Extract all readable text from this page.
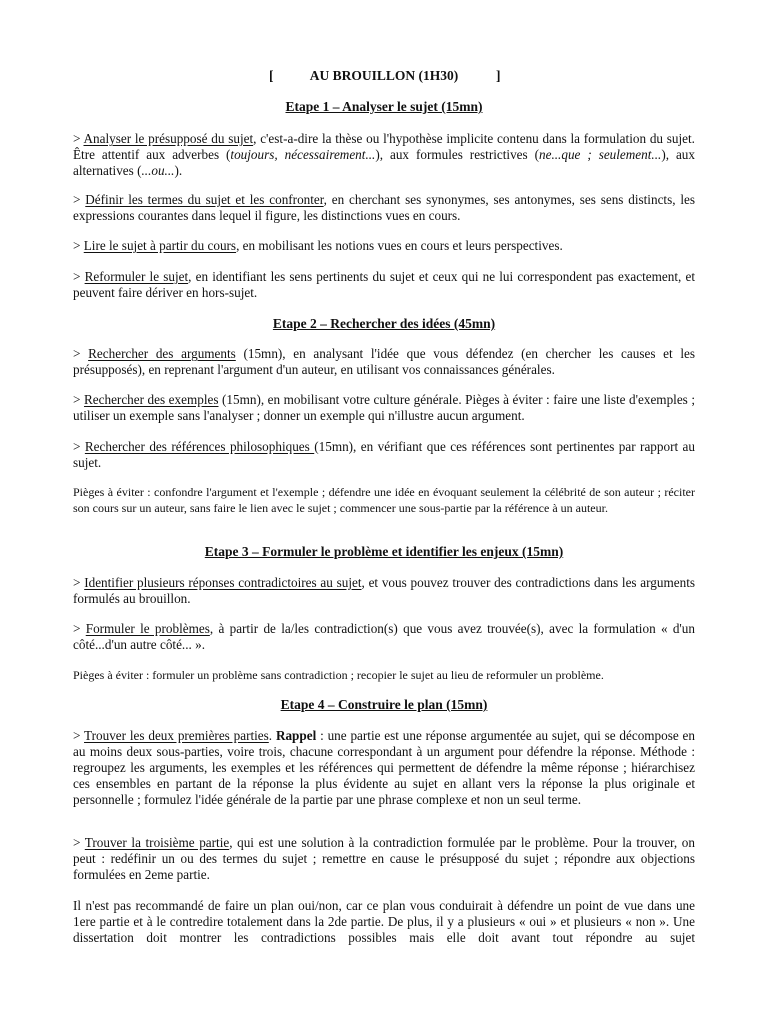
[	AU BROUILLON (1H30)	]
Etape 1 – Analyser le sujet (15mn)
> Analyser le présupposé du sujet, c'est-a-dire la thèse ou l'hypothèse implicite contenu dans la formulation du sujet. Être attentif aux adverbes (toujours, nécessairement...), aux formules restrictives (ne...que ; seulement...), aux alternatives (...ou...).
> Définir les termes du sujet et les confronter, en cherchant ses synonymes, ses antonymes, ses sens distincts, les expressions courantes dans lequel il figure, les distinctions vues en cours.
> Lire le sujet à partir du cours, en mobilisant les notions vues en cours et leurs perspectives.
> Reformuler le sujet, en identifiant les sens pertinents du sujet et ceux qui ne lui correspondent pas exactement, et peuvent faire dériver en hors-sujet.
Etape 2 – Rechercher des idées (45mn)
> Rechercher des arguments (15mn), en analysant l'idée que vous défendez (en chercher les causes et les présupposés), en reprenant l'argument d'un auteur, en utilisant vos connaissances générales.
> Rechercher des exemples (15mn), en mobilisant votre culture générale. Pièges à éviter : faire une liste d'exemples ; utiliser un exemple sans l'analyser ; donner un exemple qui n'illustre aucun argument.
> Rechercher des références philosophiques (15mn), en vérifiant que ces références sont pertinentes par rapport au sujet.
Pièges à éviter : confondre l'argument et l'exemple ; défendre une idée en évoquant seulement la célébrité de son auteur ; réciter son cours sur un auteur, sans faire le lien avec le sujet ; commencer une sous-partie par la référence à un auteur.
Etape 3 – Formuler le problème et identifier les enjeux (15mn)
> Identifier plusieurs réponses contradictoires au sujet, et vous pouvez trouver des contradictions dans les arguments formulés au brouillon.
> Formuler le problèmes, à partir de la/les contradiction(s) que vous avez trouvée(s), avec la formulation « d'un côté...d'un autre côté... ».
Pièges à éviter : formuler un problème sans contradiction ; recopier le sujet au lieu de reformuler un problème.
Etape 4 – Construire le plan (15mn)
> Trouver les deux premières parties. Rappel : une partie est une réponse argumentée au sujet, qui se décompose en au moins deux sous-parties, voire trois, chacune correspondant à un argument pour défendre la réponse. Méthode : regroupez les arguments, les exemples et les références qui permettent de défendre la même réponse ; hiérarchisez ces ensembles en partant de la réponse la plus évidente au sujet en allant vers la réponse la plus originale et personnelle ; formulez l'idée générale de la partie par une phrase complexe et non un seul terme.
> Trouver la troisième partie, qui est une solution à la contradiction formulée par le problème. Pour la trouver, on peut : redéfinir un ou des termes du sujet ; remettre en cause le présupposé du sujet ; répondre aux objections formulées en 2eme partie.
Il n'est pas recommandé de faire un plan oui/non, car ce plan vous conduirait à défendre un point de vue dans une 1ere partie et à le contredire totalement dans la 2de partie. De plus, il y a plusieurs « oui » et plusieurs « non ». Une dissertation doit montrer les contradictions possibles mais elle doit avant tout répondre au sujet
